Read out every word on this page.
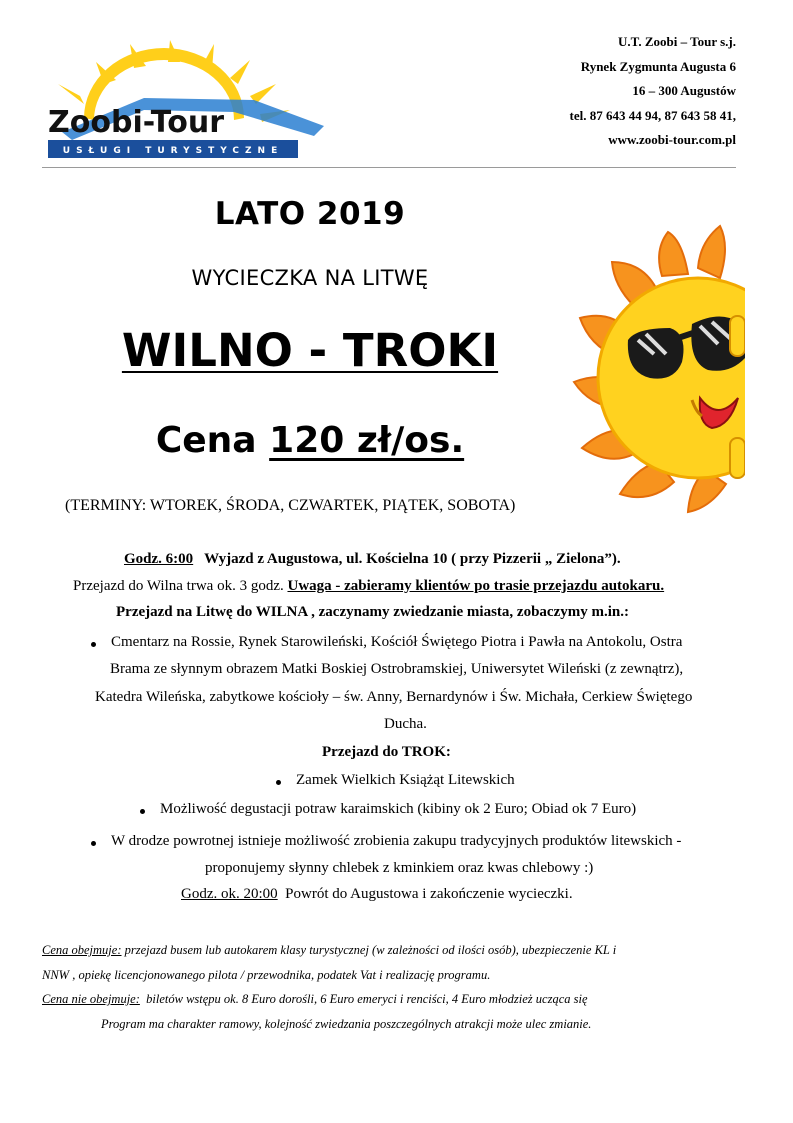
Zoobi-Tour
USŁUGI TURYSTYCZNE
U.T. Zoobi – Tour s.j.
Rynek Zygmunta Augusta 6
16 – 300 Augustów
tel. 87 643 44 94, 87 643 58 41,
www.zoobi-tour.com.pl
LATO 2019
WYCIECZKA NA LITWĘ
WILNO - TROKI
Cena 120 zł/os.
(TERMINY: WTOREK, ŚRODA, CZWARTEK, PIĄTEK, SOBOTA)
Godz. 6:00 Wyjazd z Augustowa, ul. Kościelna 10 ( przy Pizzerii „ Zielona”).
Przejazd do Wilna trwa ok. 3 godz. Uwaga - zabieramy klientów po trasie przejazdu autokaru.
Przejazd na Litwę do WILNA , zaczynamy zwiedzanie miasta, zobaczymy m.in.:
Cmentarz na Rossie, Rynek Starowileński, Kościół Świętego Piotra i Pawła na Antokolu, Ostra
Brama ze słynnym obrazem Matki Boskiej Ostrobramskiej, Uniwersytet Wileński (z zewnątrz),
Katedra Wileńska, zabytkowe kościoły – św. Anny, Bernardynów i Św. Michała, Cerkiew Świętego
Ducha.
Przejazd do TROK:
Zamek Wielkich Książąt Litewskich
Możliwość degustacji potraw karaimskich (kibiny ok 2 Euro; Obiad ok 7 Euro)
W drodze powrotnej istnieje możliwość zrobienia zakupu tradycyjnych produktów litewskich -
proponujemy słynny chlebek z kminkiem oraz kwas chlebowy :)
Godz. ok. 20:00 Powrót do Augustowa i zakończenie wycieczki.
Cena obejmuje: przejazd busem lub autokarem klasy turystycznej (w zależności od ilości osób), ubezpieczenie KL i
NNW , opiekę licencjonowanego pilota / przewodnika, podatek Vat i realizację programu.
Cena nie obejmuje: biletów wstępu ok. 8 Euro dorośli, 6 Euro emeryci i renciści, 4 Euro młodzież ucząca się
Program ma charakter ramowy, kolejność zwiedzania poszczególnych atrakcji może ulec zmianie.
